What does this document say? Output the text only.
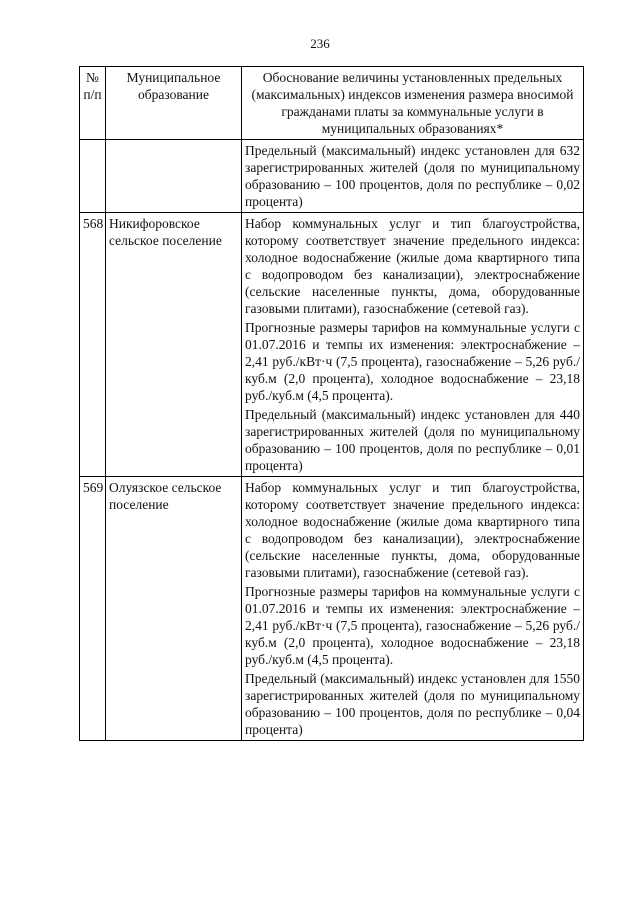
236
№ п/п	Муниципальное образование	Обоснование величины установленных предельных (максимальных) индексов изменения размера вносимой гражданами платы за коммунальные услуги в муниципальных образованиях*

		Предельный (максимальный) индекс установлен для 632 зарегистрированных жителей (доля по муниципальному образованию – 100 процентов, доля по республике – 0,02 процента)

568	Никифоровское сельское поселение	Набор коммунальных услуг и тип благоустройства, которому соответствует значение предельного индекса: холодное водоснабжение (жилые дома квартирного типа с водопроводом без канализации), электроснабжение (сельские населенные пункты, дома, оборудованные газовыми плитами), газоснабжение (сетевой газ).

Прогнозные размеры тарифов на коммунальные услуги с 01.07.2016 и темпы их изменения: электроснабжение – 2,41 руб./кВт·ч (7,5 процента), газоснабжение – 5,26 руб./куб.м (2,0 процента), холодное водоснабжение – 23,18 руб./куб.м (4,5 процента).

Предельный (максимальный) индекс установлен для 440 зарегистрированных жителей (доля по муниципальному образованию – 100 процентов, доля по республике – 0,01 процента)

569	Олуязское сельское поселение	Набор коммунальных услуг и тип благоустройства, которому соответствует значение предельного индекса: холодное водоснабжение (жилые дома квартирного типа с водопроводом без канализации), электроснабжение (сельские населенные пункты, дома, оборудованные газовыми плитами), газоснабжение (сетевой газ).

Прогнозные размеры тарифов на коммунальные услуги с 01.07.2016 и темпы их изменения: электроснабжение – 2,41 руб./кВт·ч (7,5 процента), газоснабжение – 5,26 руб./куб.м (2,0 процента), холодное водоснабжение – 23,18 руб./куб.м (4,5 процента).

Предельный (максимальный) индекс установлен для 1550 зарегистрированных жителей (доля по муниципальному образованию – 100 процентов, доля по республике – 0,04 процента)
